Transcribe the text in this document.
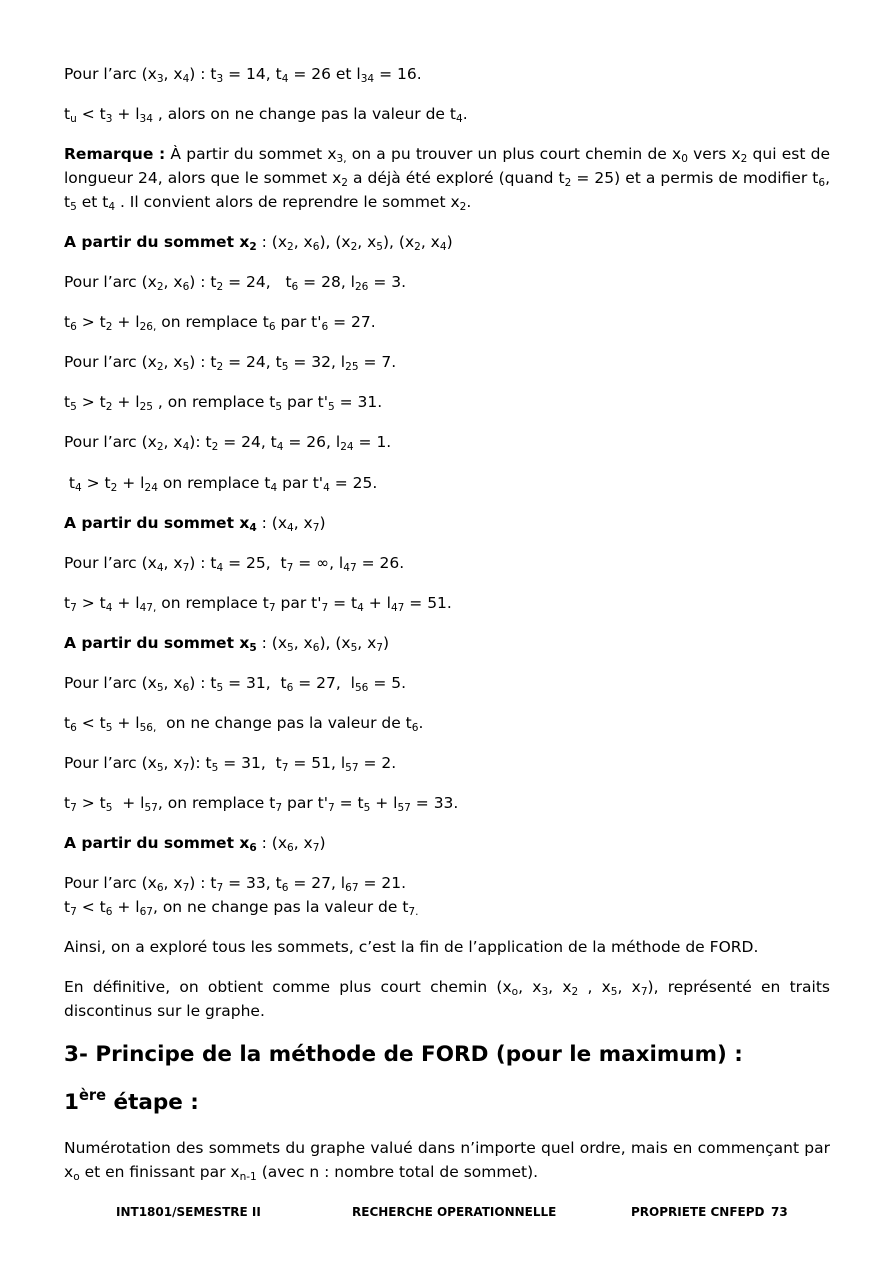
Pour l’arc ($x_3$, $x_4$) : $t_3 = 14$, $t_4 = 26$ et $l_{34} = 16$.

$t_u < t_3 + l_{34}$ , alors on ne change pas la valeur de $t_4$.

Remarque : À partir du sommet $x_{3,}$ on a pu trouver un plus court chemin de $x_0$ vers $x_2$ qui est de longueur 24, alors que le sommet $x_2$ a déjà été exploré (quand $t_2 = 25$) et a permis de modifier $t_6$, $t_5$ et $t_4$ . Il convient alors de reprendre le sommet $x_2$.

A partir du sommet $x_2$ : ($x_2$, $x_6$), ($x_2$, $x_5$), ($x_2$, $x_4$)

Pour l’arc ($x_2$, $x_6$) : $t_2 = 24$,   $t_6 = 28$, $l_{26} = 3$.

$t_6 > t_2 + l_{26,}$ on remplace $t_6$ par $t'_6 = 27$.

Pour l’arc ($x_2$, $x_5$) : $t_2 = 24$, $t_5 = 32$, $l_{25} = 7$.

$t_5 > t_2 + l_{25}$ , on remplace $t_5$ par $t'_5 = 31$.

Pour l’arc ($x_2$, $x_4$): $t_2 = 24$, $t_4 = 26$, $l_{24} = 1$.

$t_4 > t_2 + l_{24}$ on remplace $t_4$ par $t'_4 = 25$.

A partir du sommet $x_4$ : ($x_4$, $x_7$)

Pour l’arc ($x_4$, $x_7$) : $t_4 = 25$,  $t_7$ = ∞, $l_{47} = 26$.

$t_7 > t_4 + l_{47,}$ on remplace $t_7$ par $t'_7 = t_4 + l_{47} = 51$.

A partir du sommet $x_5$ : ($x_5$, $x_6$), ($x_5$, $x_7$)

Pour l’arc ($x_5$, $x_6$) : $t_5 = 31$,  $t_6 = 27$,  $l_{56} = 5$.

$t_6 < t_5 + l_{56,}$  on ne change pas la valeur de $t_6$.

Pour l’arc ($x_5$, $x_7$): $t_5 = 31$,  $t_7 = 51$, $l_{57} = 2$.

$t_7 > t_5 + l_{57}$, on remplace $t_7$ par $t'_7 = t_5 + l_{57} = 33$.

A partir du sommet $x_6$ : ($x_6$, $x_7$)

Pour l’arc ($x_6$, $x_7$) : $t_7 = 33$, $t_6 = 27$, $l_{67} = 21$.
$t_7 < t_6 + l_{67}$, on ne change pas la valeur de $t_{7.}$

Ainsi, on a exploré tous les sommets, c’est la fin de l’application de la méthode de FORD.

En définitive, on obtient comme plus court chemin ($x_o$, $x_3$, $x_2$ , $x_5$, $x_7$), représenté en traits discontinus sur le graphe.

3- Principe de la méthode de FORD (pour le maximum) :
1ère étape :

Numérotation des sommets du graphe valué dans n’importe quel ordre, mais en commençant par $x_o$ et en finissant par $x_{n-1}$ (avec n : nombre total de sommet).

INT1801/SEMESTRE II	RECHERCHE OPERATIONNELLE	PROPRIETE CNFEPD 73
